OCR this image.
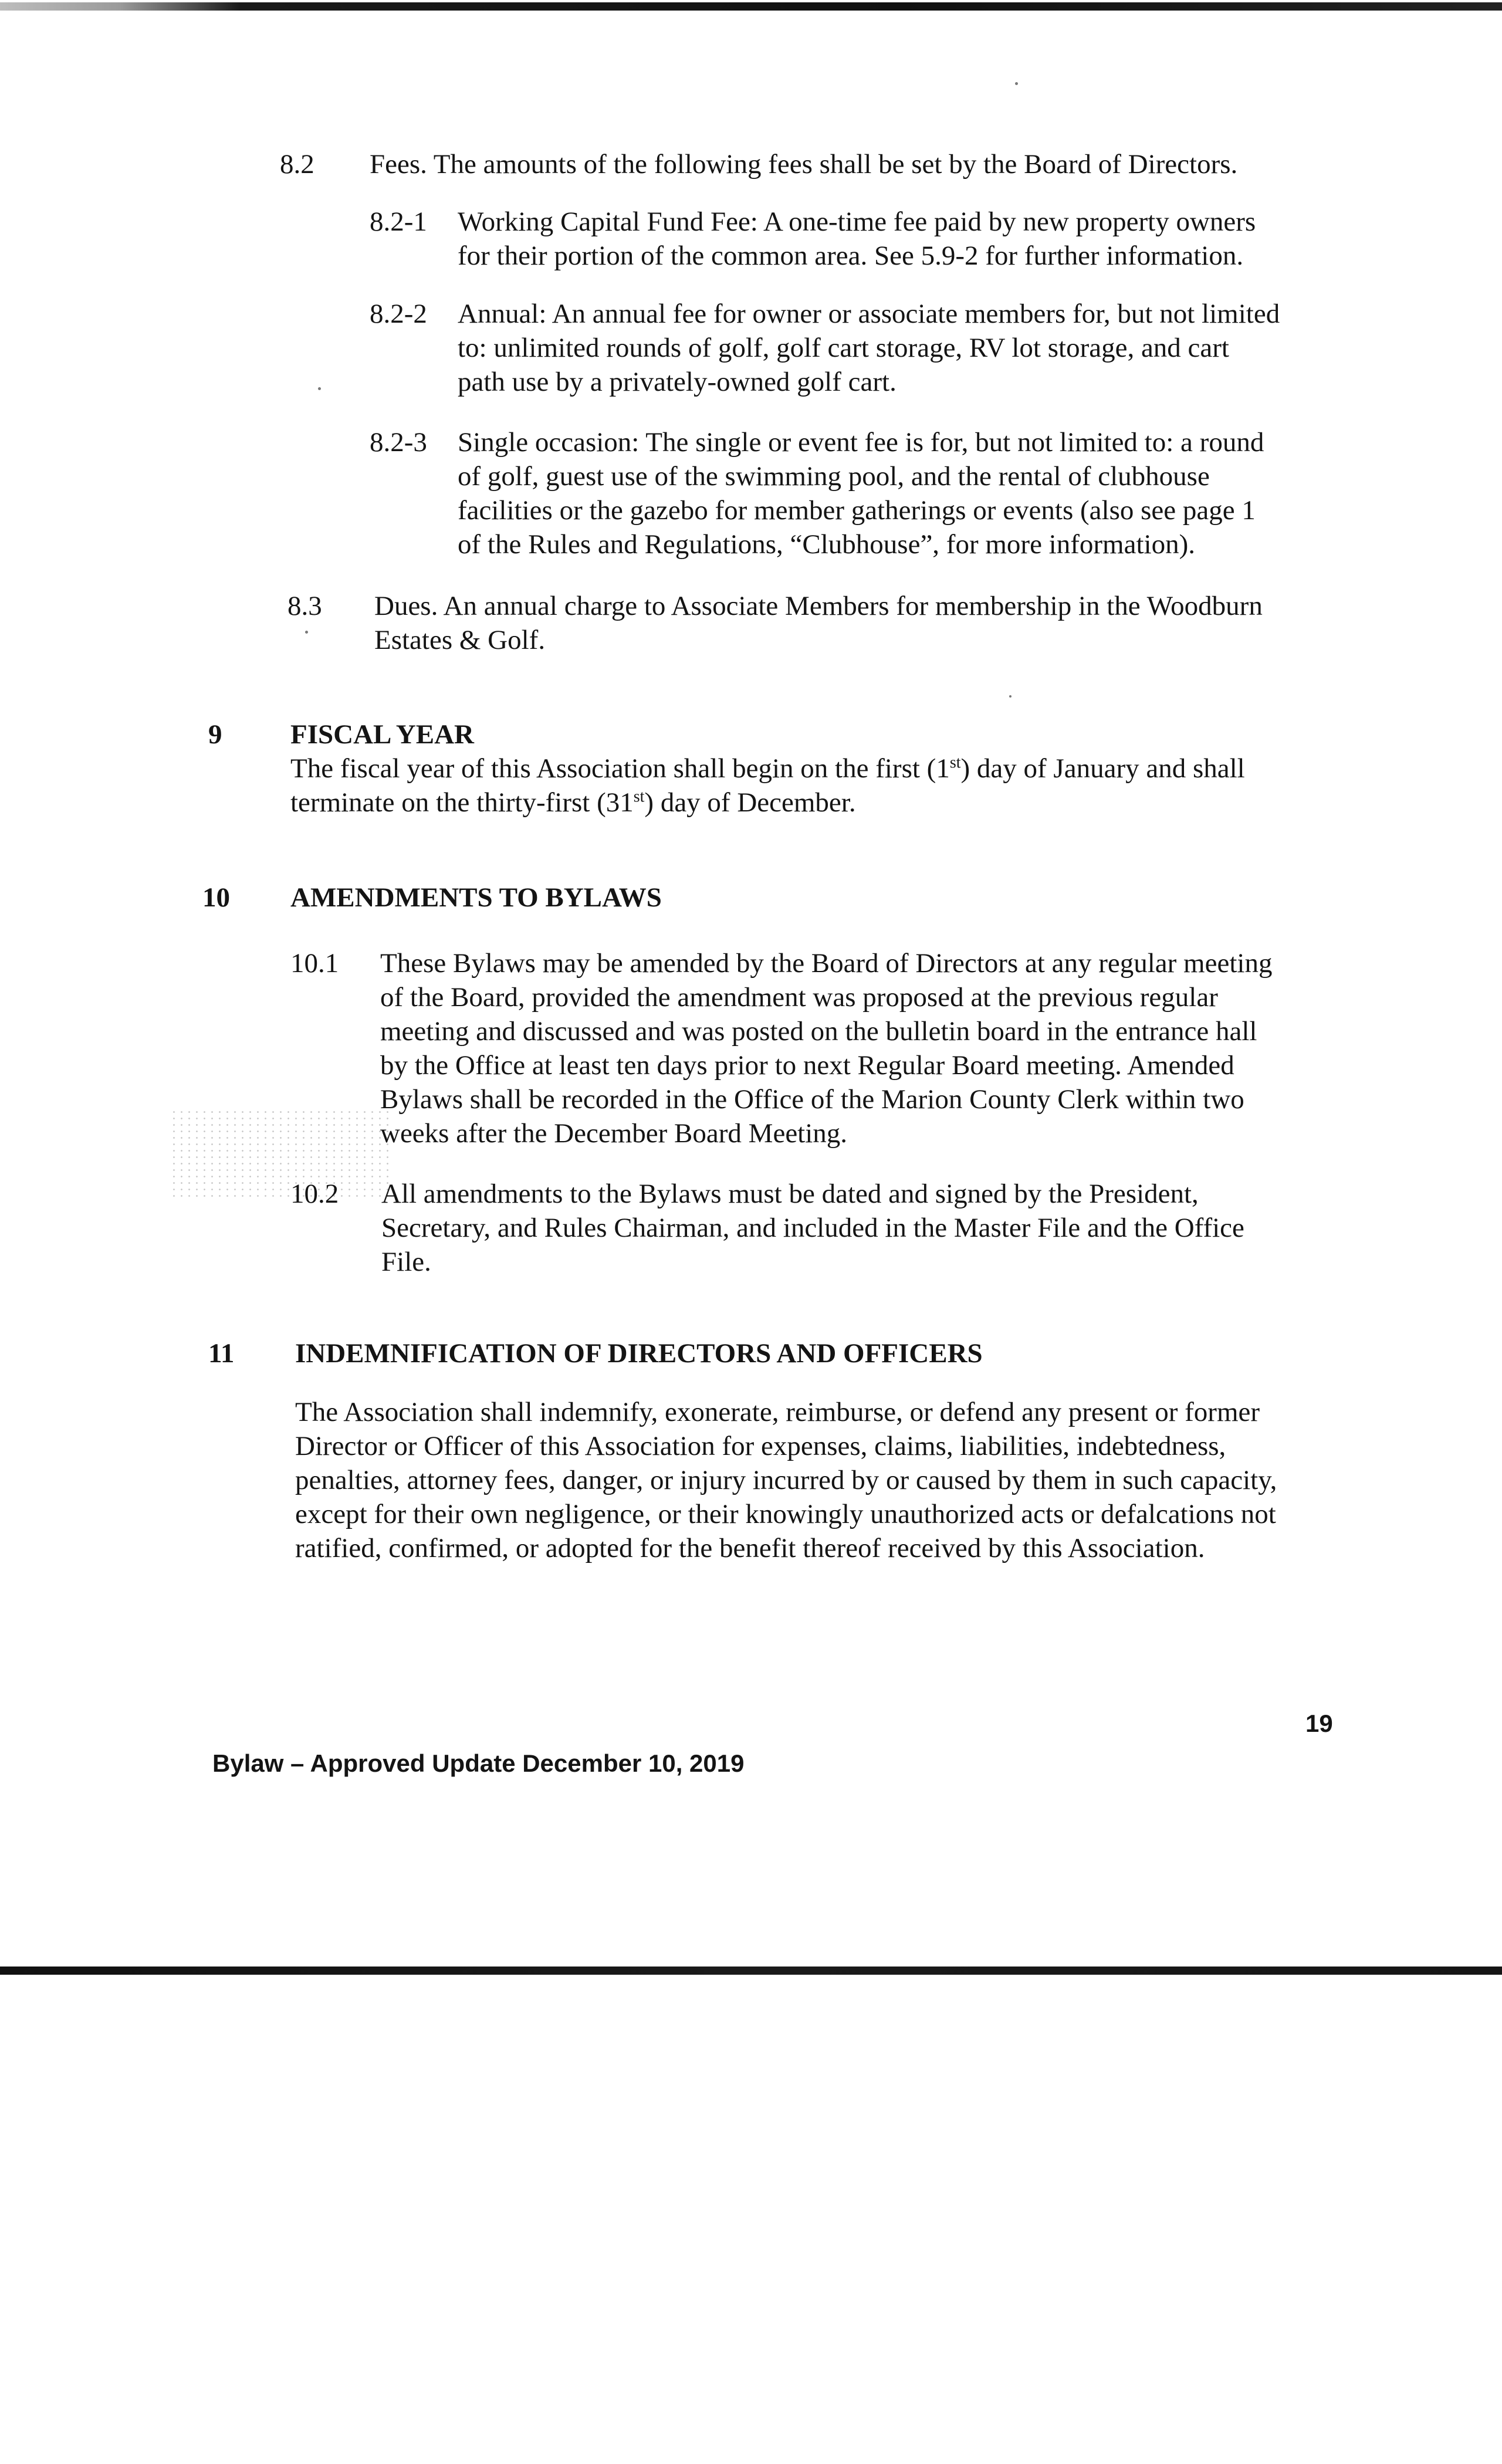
8.2 Fees. The amounts of the following fees shall be set by the Board of Directors.

8.2-1 Working Capital Fund Fee: A one-time fee paid by new property owners

for their portion of the common area. See 5.9-2 for further information.

8.2-2 Annual: An annual fee for owner or associate members for, but not limited

to: unlimited rounds of golf, golf cart storage, RV lot storage, and cart

path use by a privately-owned golf cart.

8.2-3 Single occasion: The single or event fee is for, but not limited to: a round

of golf, guest use of the swimming pool, and the rental of clubhouse

facilities or the gazebo for member gatherings or events (also see page 1

of the Rules and Regulations, “Clubhouse”, for more information).

8.3 Dues. An annual charge to Associate Members for membership in the Woodburn

Estates & Golf.

9 FISCAL YEAR

The fiscal year of this Association shall begin on the first (1st) day of January and shall

terminate on the thirty-first (31st) day of December.

10 AMENDMENTS TO BYLAWS

10.1 These Bylaws may be amended by the Board of Directors at any regular meeting

of the Board, provided the amendment was proposed at the previous regular

meeting and discussed and was posted on the bulletin board in the entrance hall

by the Office at least ten days prior to next Regular Board meeting. Amended

Bylaws shall be recorded in the Office of the Marion County Clerk within two

weeks after the December Board Meeting.

10.2 All amendments to the Bylaws must be dated and signed by the President,

Secretary, and Rules Chairman, and included in the Master File and the Office

File.

11 INDEMNIFICATION OF DIRECTORS AND OFFICERS

The Association shall indemnify, exonerate, reimburse, or defend any present or former

Director or Officer of this Association for expenses, claims, liabilities, indebtedness,

penalties, attorney fees, danger, or injury incurred by or caused by them in such capacity,

except for their own negligence, or their knowingly unauthorized acts or defalcations not

ratified, confirmed, or adopted for the benefit thereof received by this Association.

19

Bylaw – Approved Update December 10, 2019
